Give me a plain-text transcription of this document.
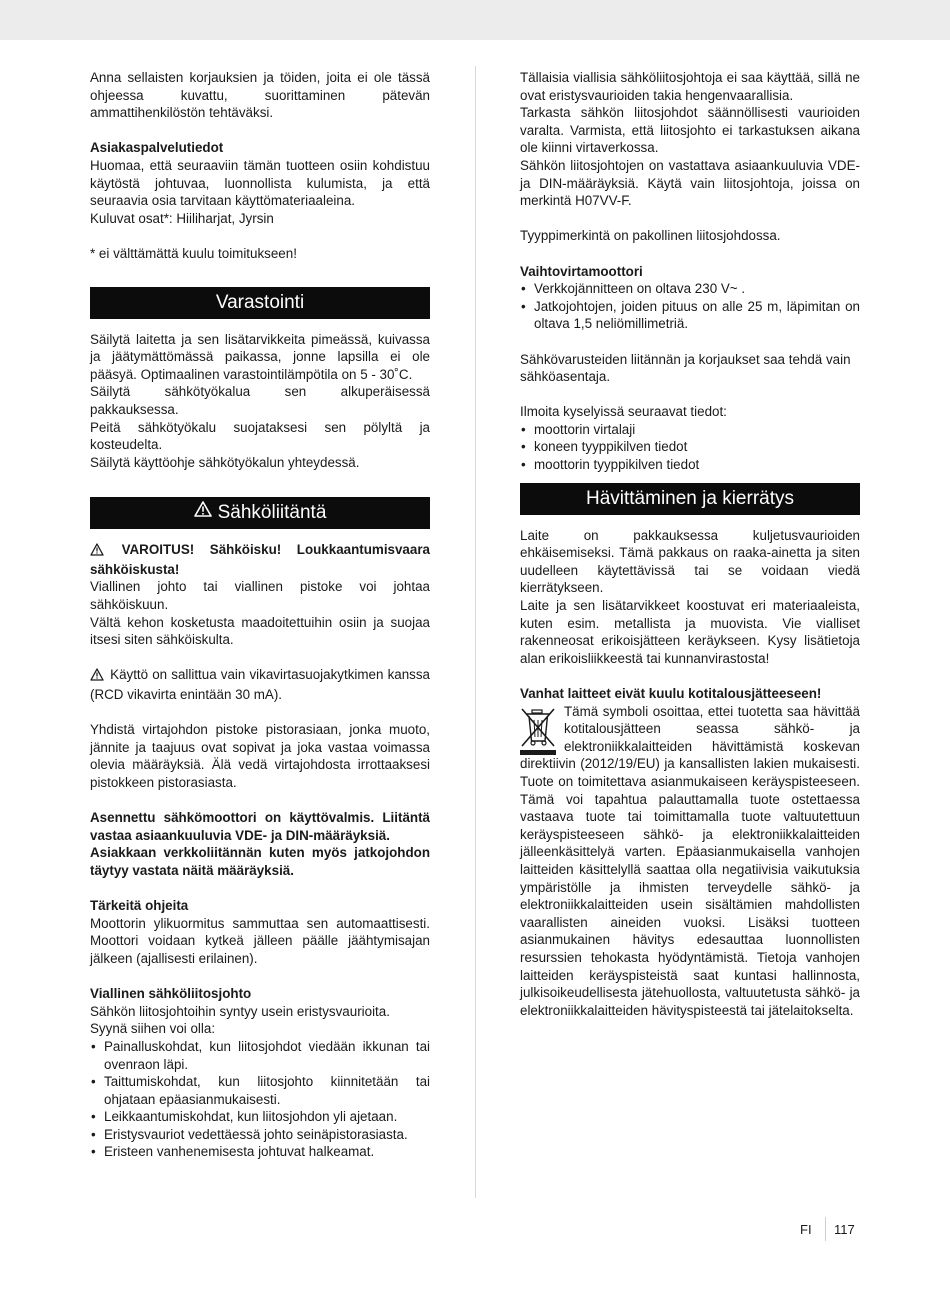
Anna sellaisten korjauksien ja töiden, joita ei ole tässä ohjeessa kuvattu, suorittaminen pätevän ammattihenkilöstön tehtäväksi.

Asiakaspalvelutiedot

Huomaa, että seuraaviin tämän tuotteen osiin kohdistuu käytöstä johtuvaa, luonnollista kulumista, ja että seuraavia osia tarvitaan käyttömateriaaleina.

Kuluvat osat*: Hiiliharjat, Jyrsin

* ei välttämättä kuulu toimitukseen!

Varastointi

Säilytä laitetta ja sen lisätarvikkeita pimeässä, kuivassa ja jäätymättömässä paikassa, jonne lapsilla ei ole pääsyä. Optimaalinen varastointilämpötila on 5 - 30˚C.

Säilytä sähkötyökalua sen alkuperäisessä pakkauksessa.

Peitä sähkötyökalu suojataksesi sen pölyltä ja kosteudelta.

Säilytä käyttöohje sähkötyökalun yhteydessä.

Sähköliitäntä

VAROITUS! Sähköisku! Loukkaantumisvaara sähköiskusta!

Viallinen johto tai viallinen pistoke voi johtaa sähköiskuun.

Vältä kehon kosketusta maadoitettuihin osiin ja suojaa itsesi siten sähköiskulta.

Käyttö on sallittua vain vikavirtasuojakytkimen kanssa (RCD vikavirta enintään 30 mA).

Yhdistä virtajohdon pistoke pistorasiaan, jonka muoto, jännite ja taajuus ovat sopivat ja joka vastaa voimassa olevia määräyksiä. Älä vedä virtajohdosta irrottaaksesi pistokkeen pistorasiasta.

Asennettu sähkömoottori on käyttövalmis. Liitäntä vastaa asiaankuuluvia VDE- ja DIN-määräyksiä.

Asiakkaan verkkoliitännän kuten myös jatkojohdon täytyy vastata näitä määräyksiä.

Tärkeitä ohjeita

Moottorin ylikuormitus sammuttaa sen automaattisesti. Moottori voidaan kytkeä jälleen päälle jäähtymisajan jälkeen (ajallisesti erilainen).

Viallinen sähköliitosjohto

Sähkön liitosjohtoihin syntyy usein eristysvaurioita.

Syynä siihen voi olla:

• Painalluskohdat, kun liitosjohdot viedään ikkunan tai ovenraon läpi.
• Taittumiskohdat, kun liitosjohto kiinnitetään tai ohjataan epäasianmukaisesti.
• Leikkaantumiskohdat, kun liitosjohdon yli ajetaan.
• Eristysvauriot vedettäessä johto seinäpistorasiasta.
• Eristeen vanhenemisesta johtuvat halkeamat.

Tällaisia viallisia sähköliitosjohtoja ei saa käyttää, sillä ne ovat eristysvaurioiden takia hengenvaarallisia.

Tarkasta sähkön liitosjohdot säännöllisesti vaurioiden varalta. Varmista, että liitosjohto ei tarkastuksen aikana ole kiinni virtaverkossa.

Sähkön liitosjohtojen on vastattava asiaankuuluvia VDE- ja DIN-määräyksiä. Käytä vain liitosjohtoja, joissa on merkintä H07VV-F.

Tyyppimerkintä on pakollinen liitosjohdossa.

Vaihtovirtamoottori

• Verkkojännitteen on oltava 230 V~ .
• Jatkojohtojen, joiden pituus on alle 25 m, läpimitan on oltava 1,5 neliömillimetriä.

Sähkövarusteiden liitännän ja korjaukset saa tehdä vain sähköasentaja.

Ilmoita kyselyissä seuraavat tiedot:

• moottorin virtalaji
• koneen tyyppikilven tiedot
• moottorin tyyppikilven tiedot
Hävittäminen ja kierrätys

Laite on pakkauksessa kuljetusvaurioiden ehkäisemiseksi. Tämä pakkaus on raaka-ainetta ja siten uudelleen käytettävissä tai se voidaan viedä kierrätykseen.

Laite ja sen lisätarvikkeet koostuvat eri materiaaleista, kuten esim. metallista ja muovista. Vie vialliset rakenneosat erikoisjätteen keräykseen. Kysy lisätietoja alan erikoisliikkeestä tai kunnanvirastosta!

Vanhat laitteet eivät kuulu kotitalousjätteeseen!

Tämä symboli osoittaa, ettei tuotetta saa hävittää kotitalousjätteen seassa sähkö- ja elektroniikkalaitteiden hävittämistä koskevan direktiivin (2012/19/EU) ja kansallisten lakien mukaisesti. Tuote on toimitettava asianmukaiseen keräyspisteeseen. Tämä voi tapahtua palauttamalla tuote ostettaessa vastaava tuote tai toimittamalla tuote valtuutettuun keräyspisteeseen sähkö- ja elektroniikkalaitteiden jälleenkäsittelyä varten. Epäasianmukaisella vanhojen laitteiden käsittelyllä saattaa olla negatiivisia vaikutuksia ympäristölle ja ihmisten terveydelle sähkö- ja elektroniikkalaitteiden usein sisältämien mahdollisten vaarallisten aineiden vuoksi. Lisäksi tuotteen asianmukainen hävitys edesauttaa luonnollisten resurssien tehokasta hyödyntämistä. Tietoja vanhojen laitteiden keräyspisteistä saat kuntasi hallinnosta, julkisoikeudellisesta jätehuollosta, valtuutetusta sähkö- ja elektroniikkalaitteiden hävityspisteestä tai jätelaitokselta.

FI 117
